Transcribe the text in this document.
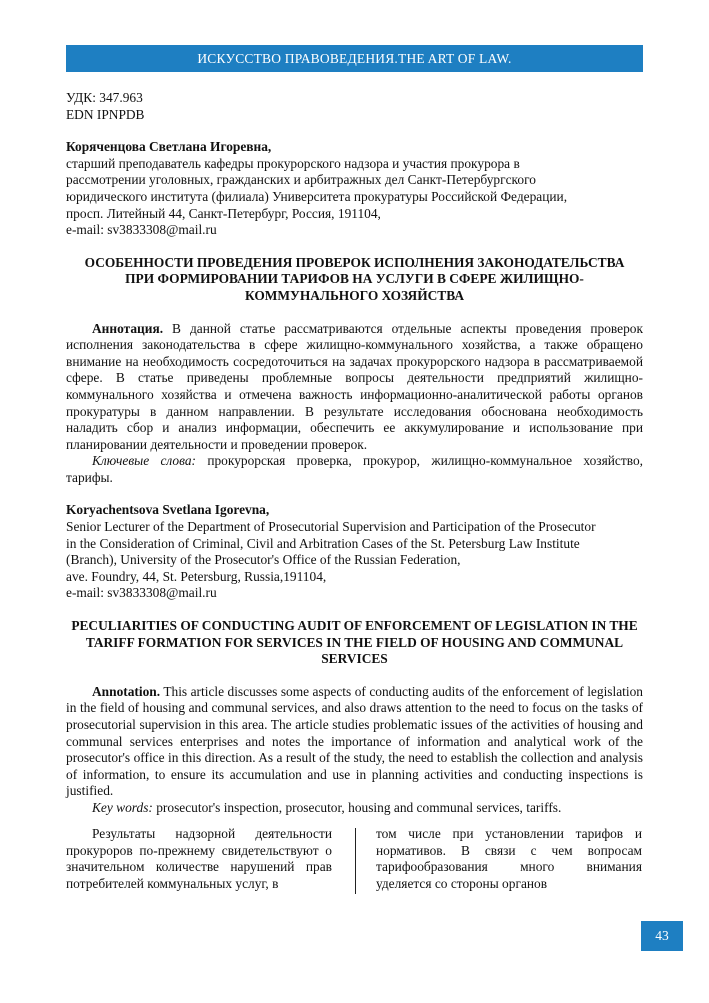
ИСКУССТВО ПРАВОВЕДЕНИЯ.THE ART OF LAW.

УДК: 347.963

EDN IPNPDB

Коряченцова Светлана Игоревна,

старший преподаватель кафедры прокурорского надзора и участия прокурора в

рассмотрении уголовных, гражданских и арбитражных дел Санкт-Петербургского

юридического института (филиала) Университета прокуратуры Российской Федерации,

просп. Литейный 44, Санкт-Петербург, Россия, 191104,

e-mail: sv3833308@mail.ru

ОСОБЕННОСТИ ПРОВЕДЕНИЯ ПРОВЕРОК ИСПОЛНЕНИЯ ЗАКОНОДАТЕЛЬСТВА ПРИ ФОРМИРОВАНИИ ТАРИФОВ НА УСЛУГИ В СФЕРЕ ЖИЛИЩНО-КОММУНАЛЬНОГО ХОЗЯЙСТВА

Аннотация. В данной статье рассматриваются отдельные аспекты проведения проверок исполнения законодательства в сфере жилищно-коммунального хозяйства, а также обращено внимание на необходимость сосредоточиться на задачах прокурорского надзора в рассматриваемой сфере. В статье приведены проблемные вопросы деятельности предприятий жилищно-коммунального хозяйства и отмечена важность информационно-аналитической работы органов прокуратуры в данном направлении. В результате исследования обоснована необходимость наладить сбор и анализ информации, обеспечить ее аккумулирование и использование при планировании деятельности и проведении проверок.

Ключевые слова: прокурорская проверка, прокурор, жилищно-коммунальное хозяйство, тарифы.

Koryachentsova Svetlana Igorevna,

Senior Lecturer of the Department of Prosecutorial Supervision and Participation of the Prosecutor

in the Consideration of Criminal, Civil and Arbitration Cases of the St. Petersburg Law Institute

(Branch), University of the Prosecutor's Office of the Russian Federation,

ave. Foundry, 44, St. Petersburg, Russia,191104,

e-mail: sv3833308@mail.ru

PECULIARITIES OF CONDUCTING AUDIT OF ENFORCEMENT OF LEGISLATION IN THE TARIFF FORMATION FOR SERVICES IN THE FIELD OF HOUSING AND COMMUNAL SERVICES

Annotation. This article discusses some aspects of conducting audits of the enforcement of legislation in the field of housing and communal services, and also draws attention to the need to focus on the tasks of prosecutorial supervision in this area. The article studies problematic issues of the activities of housing and communal services enterprises and notes the importance of information and analytical work of the prosecutor's office in this direction. As a result of the study, the need to establish the collection and analysis of information, to ensure its accumulation and use in planning activities and conducting inspections is justified.

Key words: prosecutor's inspection, prosecutor, housing and communal services, tariffs.

Результаты надзорной деятельности прокуроров по-прежнему свидетельствуют о значительном количестве нарушений прав потребителей коммунальных услуг, в
том числе при установлении тарифов и нормативов. В связи с чем вопросам тарифообразования много внимания уделяется со стороны органов
43
